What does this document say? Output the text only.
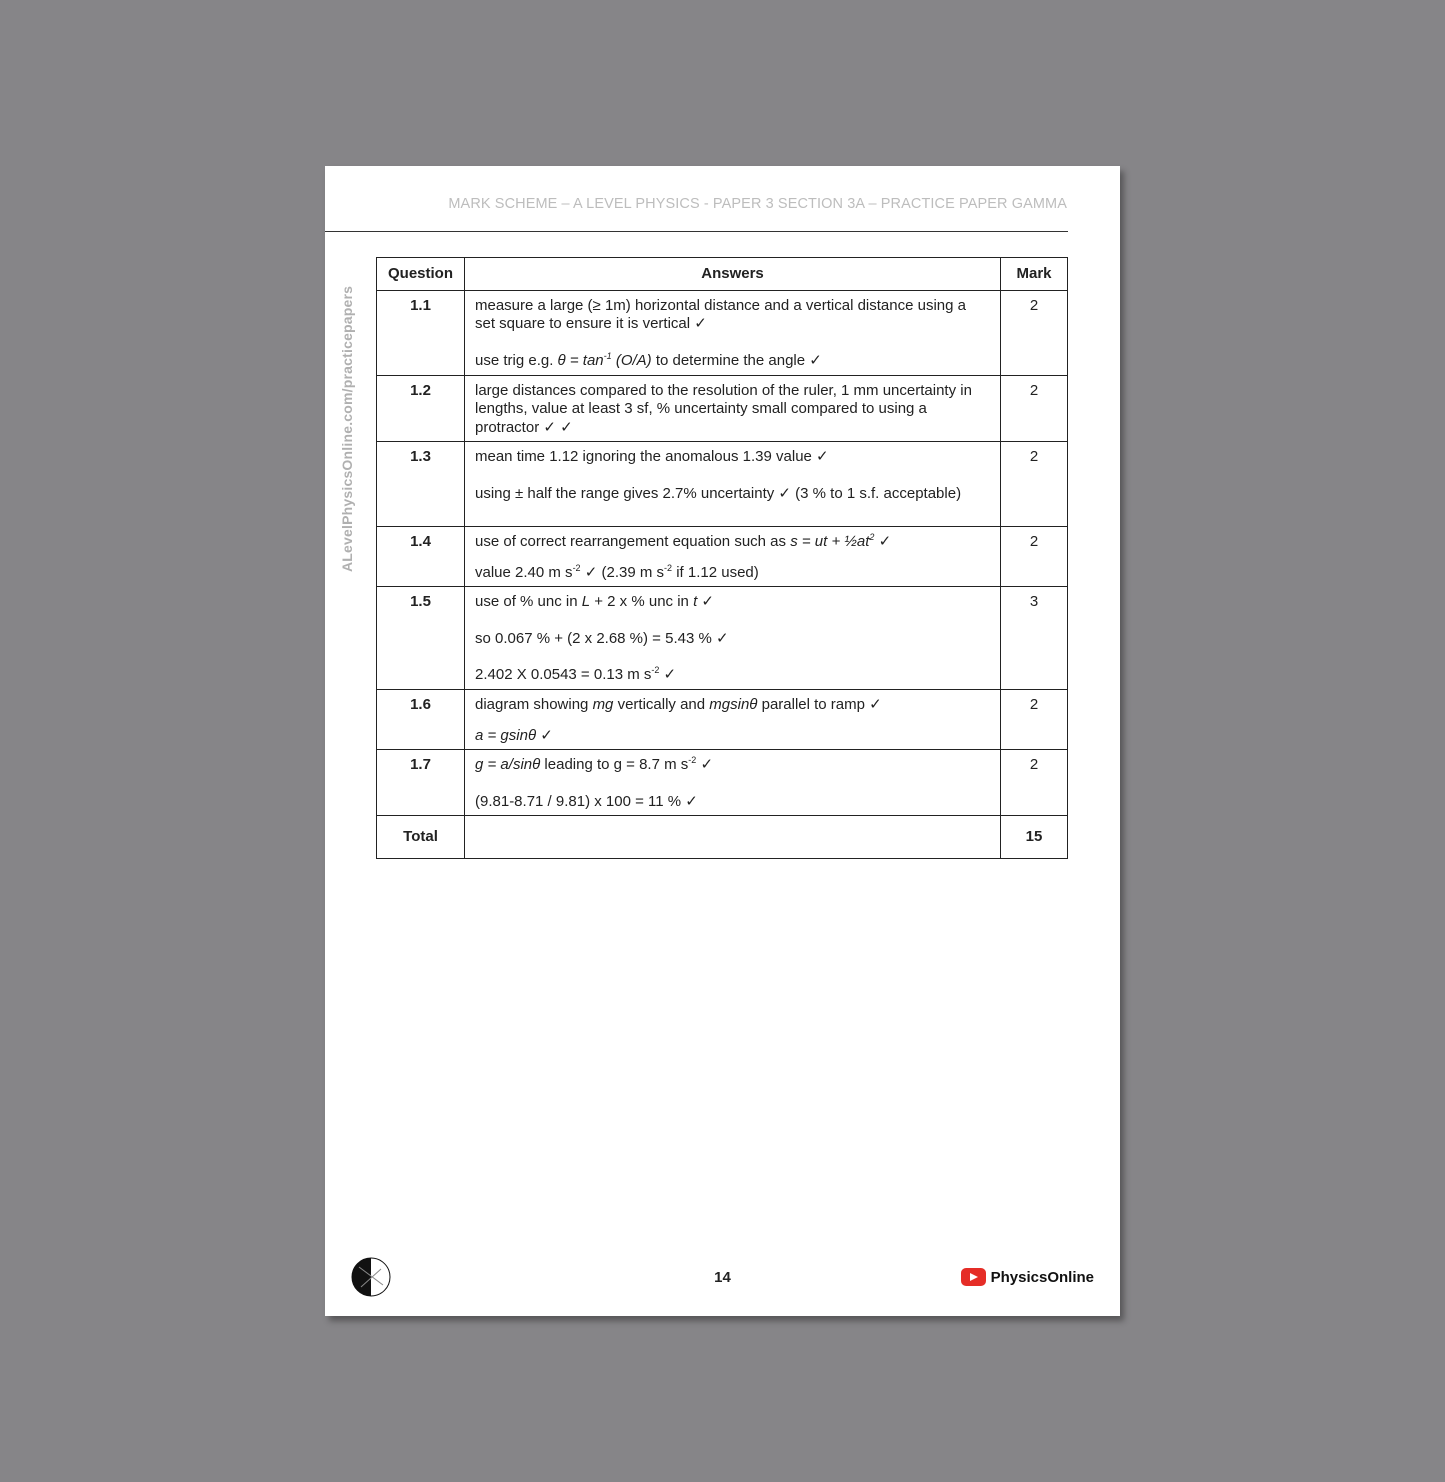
MARK SCHEME – A LEVEL PHYSICS - PAPER 3 SECTION 3A – PRACTICE PAPER GAMMA
ALevelPhysicsOnline.com/practicepapers
Question	Answers	Mark
1.1	measure a large (≥ 1m) horizontal distance and a vertical distance using a set square to ensure it is vertical ✓
use trig e.g. $\theta = \tan^{-1} (O/A)$ to determine the angle ✓	2
1.2	large distances compared to the resolution of the ruler, 1 mm uncertainty in lengths, value at least 3 sf, % uncertainty small compared to using a protractor ✓ ✓	2
1.3	mean time 1.12 ignoring the anomalous 1.39 value ✓
using ± half the range gives 2.7% uncertainty ✓ (3 % to 1 s.f. acceptable)	2
1.4	use of correct rearrangement equation such as s = ut + $\frac{1}{2}at^2$ ✓
value 2.40 m $s^{-2}$ ✓ (2.39 m $s^{-2}$ if 1.12 used)	2
1.5	use of % unc in L + 2 x % unc in t ✓
so 0.067 % + (2 x 2.68 %) = 5.43 % ✓
2.402 X 0.0543 = 0.13 m $s^{-2}$ ✓	3
1.6	diagram showing mg vertically and mgsinθ parallel to ramp ✓
a = gsinθ ✓	2
1.7	g = a/sinθ leading to g = 8.7 m $s^{-2}$ ✓
(9.81-8.71 / 9.81) x 100 = 11 % ✓	2
Total		15
14	PhysicsOnline
